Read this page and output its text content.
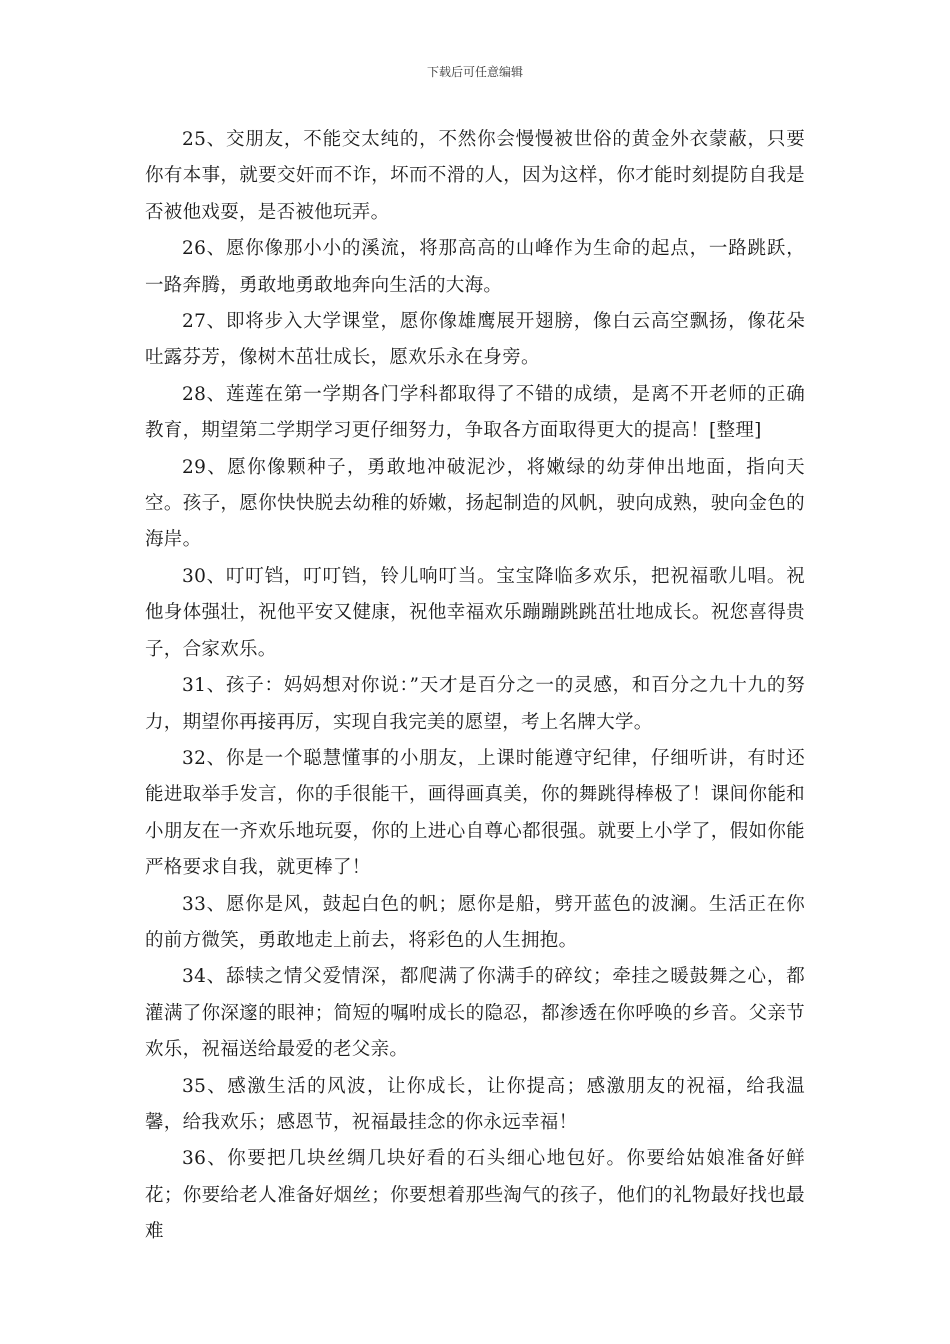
下载后可任意编辑

25、交朋友，不能交太纯的，不然你会慢慢被世俗的黄金外衣蒙蔽，只要你有本事，就要交奸而不诈，坏而不滑的人，因为这样，你才能时刻提防自我是否被他戏耍，是否被他玩弄。

26、愿你像那小小的溪流，将那高高的山峰作为生命的起点，一路跳跃，一路奔腾，勇敢地勇敢地奔向生活的大海。

27、即将步入大学课堂，愿你像雄鹰展开翅膀，像白云高空飘扬，像花朵吐露芬芳，像树木茁壮成长，愿欢乐永在身旁。

28、莲莲在第一学期各门学科都取得了不错的成绩，是离不开老师的正确教育，期望第二学期学习更仔细努力，争取各方面取得更大的提高！[整理]

29、愿你像颗种子，勇敢地冲破泥沙，将嫩绿的幼芽伸出地面，指向天空。孩子，愿你快快脱去幼稚的娇嫩，扬起制造的风帆，驶向成熟，驶向金色的海岸。

30、叮叮铛，叮叮铛，铃儿响叮当。宝宝降临多欢乐，把祝福歌儿唱。祝他身体强壮，祝他平安又健康，祝他幸福欢乐蹦蹦跳跳茁壮地成长。祝您喜得贵子，合家欢乐。

31、孩子：妈妈想对你说：”天才是百分之一的灵感，和百分之九十九的努力，期望你再接再厉，实现自我完美的愿望，考上名牌大学。

32、你是一个聪慧懂事的小朋友，上课时能遵守纪律，仔细听讲，有时还能进取举手发言，你的手很能干，画得画真美，你的舞跳得棒极了！课间你能和小朋友在一齐欢乐地玩耍，你的上进心自尊心都很强。就要上小学了，假如你能严格要求自我，就更棒了！

33、愿你是风，鼓起白色的帆；愿你是船，劈开蓝色的波澜。生活正在你的前方微笑，勇敢地走上前去，将彩色的人生拥抱。

34、舔犊之情父爱情深，都爬满了你满手的碎纹；牵挂之暖鼓舞之心，都灌满了你深邃的眼神；简短的嘱咐成长的隐忍，都渗透在你呼唤的乡音。父亲节欢乐，祝福送给最爱的老父亲。

35、感激生活的风波，让你成长，让你提高；感激朋友的祝福，给我温馨，给我欢乐；感恩节，祝福最挂念的你永远幸福！

36、你要把几块丝绸几块好看的石头细心地包好。你要给姑娘准备好鲜花；你要给老人准备好烟丝；你要想着那些淘气的孩子，他们的礼物最好找也最难
